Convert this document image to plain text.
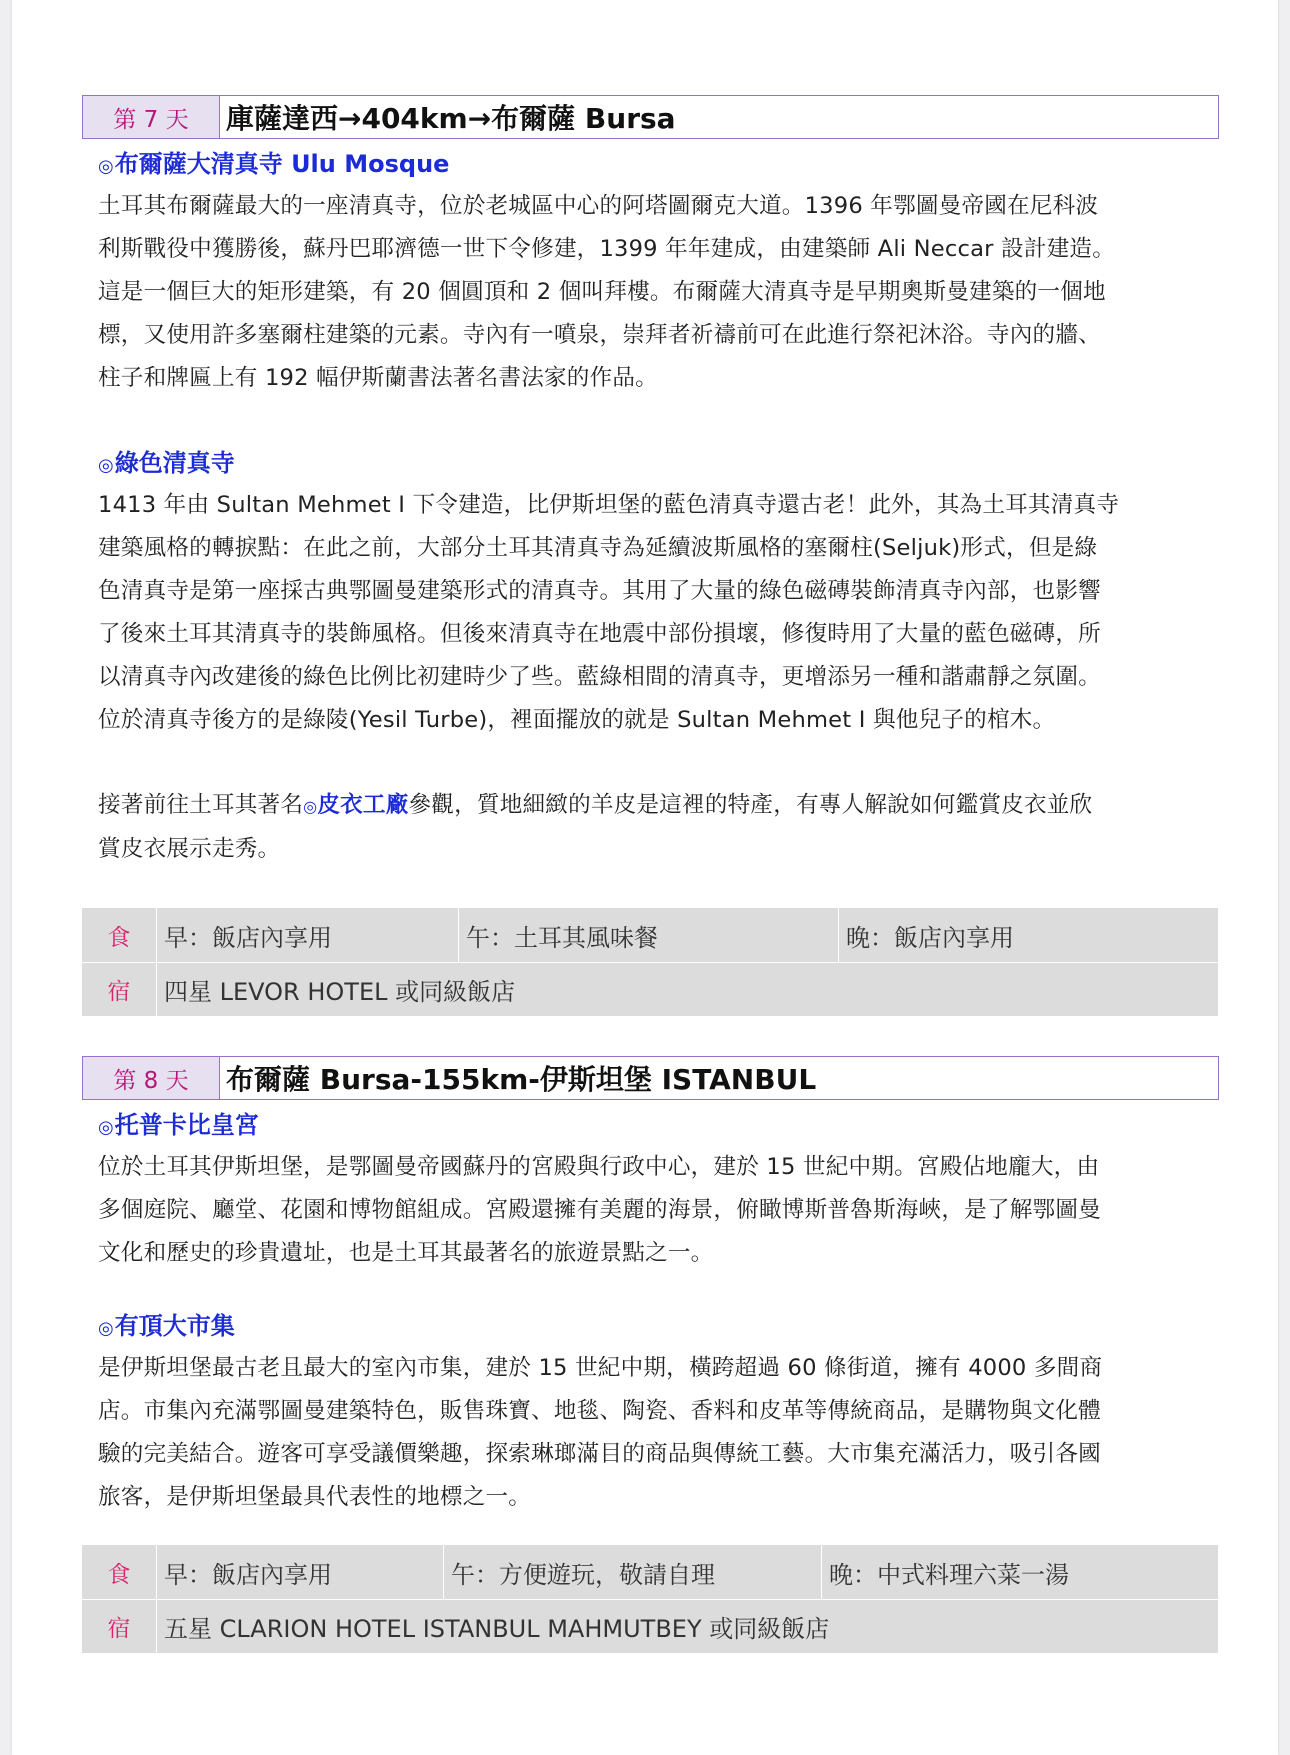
第 7 天	庫薩達西→404km→布爾薩 Bursa
◎布爾薩大清真寺 Ulu Mosque
土耳其布爾薩最大的一座清真寺，位於老城區中心的阿塔圖爾克大道。1396 年鄂圖曼帝國在尼科波
利斯戰役中獲勝後，蘇丹巴耶濟德一世下令修建，1399 年年建成，由建築師 Ali Neccar 設計建造。
這是一個巨大的矩形建築，有 20 個圓頂和 2 個叫拜樓。布爾薩大清真寺是早期奧斯曼建築的一個地
標，又使用許多塞爾柱建築的元素。寺內有一噴泉，崇拜者祈禱前可在此進行祭祀沐浴。寺內的牆、
柱子和牌匾上有 192 幅伊斯蘭書法著名書法家的作品。
◎綠色清真寺
1413 年由 Sultan Mehmet I 下令建造，比伊斯坦堡的藍色清真寺還古老！此外，其為土耳其清真寺
建築風格的轉捩點：在此之前，大部分土耳其清真寺為延續波斯風格的塞爾柱(Seljuk)形式，但是綠
色清真寺是第一座採古典鄂圖曼建築形式的清真寺。其用了大量的綠色磁磚裝飾清真寺內部，也影響
了後來土耳其清真寺的裝飾風格。但後來清真寺在地震中部份損壞，修復時用了大量的藍色磁磚，所
以清真寺內改建後的綠色比例比初建時少了些。藍綠相間的清真寺，更增添另一種和諧肅靜之氛圍。
位於清真寺後方的是綠陵(Yesil Turbe)，裡面擺放的就是 Sultan Mehmet I 與他兒子的棺木。
接著前往土耳其著名◎皮衣工廠參觀，質地細緻的羊皮是這裡的特產，有專人解說如何鑑賞皮衣並欣
賞皮衣展示走秀。
食	早：飯店內享用	午：土耳其風味餐	晚：飯店內享用
宿	四星 LEVOR HOTEL 或同級飯店
第 8 天	布爾薩 Bursa-155km-伊斯坦堡 ISTANBUL
◎托普卡比皇宮
位於土耳其伊斯坦堡，是鄂圖曼帝國蘇丹的宮殿與行政中心，建於 15 世紀中期。宮殿佔地龐大，由
多個庭院、廳堂、花園和博物館組成。宮殿還擁有美麗的海景，俯瞰博斯普魯斯海峽，是了解鄂圖曼
文化和歷史的珍貴遺址，也是土耳其最著名的旅遊景點之一。
◎有頂大市集
是伊斯坦堡最古老且最大的室內市集，建於 15 世紀中期，橫跨超過 60 條街道，擁有 4000 多間商
店。市集內充滿鄂圖曼建築特色，販售珠寶、地毯、陶瓷、香料和皮革等傳統商品，是購物與文化體
驗的完美結合。遊客可享受議價樂趣，探索琳瑯滿目的商品與傳統工藝。大市集充滿活力，吸引各國
旅客，是伊斯坦堡最具代表性的地標之一。
食	早：飯店內享用	午：方便遊玩，敬請自理	晚：中式料理六菜一湯
宿	五星 CLARION HOTEL ISTANBUL MAHMUTBEY 或同級飯店
